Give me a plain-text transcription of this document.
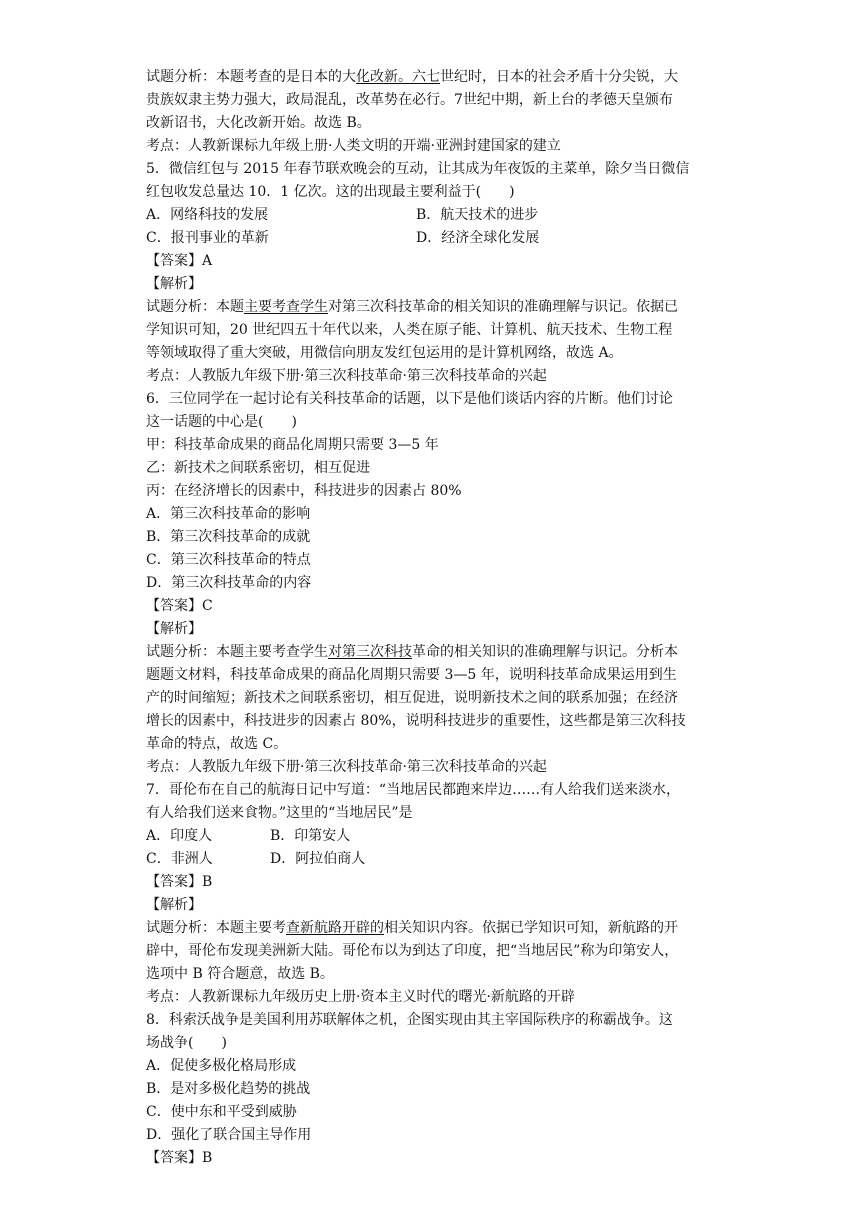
试题分析：本题考查的是日本的大化改新。六七世纪时，日本的社会矛盾十分尖锐，大
贵族奴隶主势力强大，政局混乱，改革势在必行。7世纪中期，新上台的孝德天皇颁布
改新诏书，大化改新开始。故选 B。
考点：人教新课标九年级上册·人类文明的开端·亚洲封建国家的建立
5．微信红包与 2015 年春节联欢晚会的互动，让其成为年夜饭的主菜单，除夕当日微信
红包收发总量达 10．1 亿次。这的出现最主要利益于(　　)
A．网络科技的发展	B．航天技术的进步
C．报刊事业的革新	D．经济全球化发展
【答案】A
【解析】
试题分析：本题主要考查学生对第三次科技革命的相关知识的准确理解与识记。依据已
学知识可知，20 世纪四五十年代以来，人类在原子能、计算机、航天技术、生物工程
等领域取得了重大突破，用微信向朋友发红包运用的是计算机网络，故选 A。
考点：人教版九年级下册·第三次科技革命·第三次科技革命的兴起
6．三位同学在一起讨论有关科技革命的话题，以下是他们谈话内容的片断。他们讨论
这一话题的中心是(　　)
甲：科技革命成果的商品化周期只需要 3—5 年
乙：新技术之间联系密切，相互促进
丙：在经济增长的因素中，科技进步的因素占 80%
A．第三次科技革命的影响
B．第三次科技革命的成就
C．第三次科技革命的特点
D．第三次科技革命的内容
【答案】C
【解析】
试题分析：本题主要考查学生对第三次科技革命的相关知识的准确理解与识记。分析本
题题文材料，科技革命成果的商品化周期只需要 3—5 年，说明科技革命成果运用到生
产的时间缩短；新技术之间联系密切，相互促进，说明新技术之间的联系加强；在经济
增长的因素中，科技进步的因素占 80%，说明科技进步的重要性，这些都是第三次科技
革命的特点，故选 C。
考点：人教版九年级下册·第三次科技革命·第三次科技革命的兴起
7．哥伦布在自己的航海日记中写道：“当地居民都跑来岸边……有人给我们送来淡水，
有人给我们送来食物。”这里的“当地居民”是
A．印度人	B．印第安人
C．非洲人	D．阿拉伯商人
【答案】B
【解析】
试题分析：本题主要考查新航路开辟的相关知识内容。依据已学知识可知，新航路的开
辟中，哥伦布发现美洲新大陆。哥伦布以为到达了印度，把“当地居民”称为印第安人，
选项中 B 符合题意，故选 B。
考点：人教新课标九年级历史上册·资本主义时代的曙光·新航路的开辟
8．科索沃战争是美国利用苏联解体之机，企图实现由其主宰国际秩序的称霸战争。这
场战争(　　)
A．促使多极化格局形成
B．是对多极化趋势的挑战
C．使中东和平受到威胁
D．强化了联合国主导作用
【答案】B
